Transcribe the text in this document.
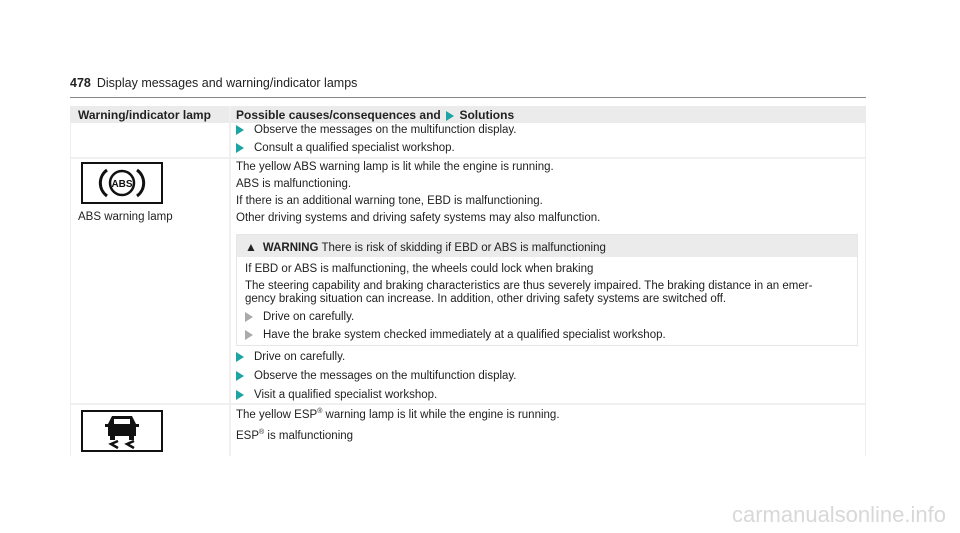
478 Display messages and warning/indicator lamps
Warning/indicator lamp Possible causes/consequences and Solutions
Observe the messages on the multifunction display.
Consult a qualified specialist workshop.
ABS
ABS warning lamp
The yellow ABS warning lamp is lit while the engine is running.
ABS is malfunctioning.
If there is an additional warning tone, EBD is malfunctioning.
Other driving systems and driving safety systems may also malfunction.
▲ WARNING There is risk of skidding if EBD or ABS is malfunctioning
If EBD or ABS is malfunctioning, the wheels could lock when braking
The steering capability and braking characteristics are thus severely impaired. The braking distance in an emer-
gency braking situation can increase. In addition, other driving safety systems are switched off.
Drive on carefully.
Have the brake system checked immediately at a qualified specialist workshop.
Drive on carefully.
Observe the messages on the multifunction display.
Visit a qualified specialist workshop.
The yellow ESP® warning lamp is lit while the engine is running.
ESP® is malfunctioning
carmanualsonline.info
